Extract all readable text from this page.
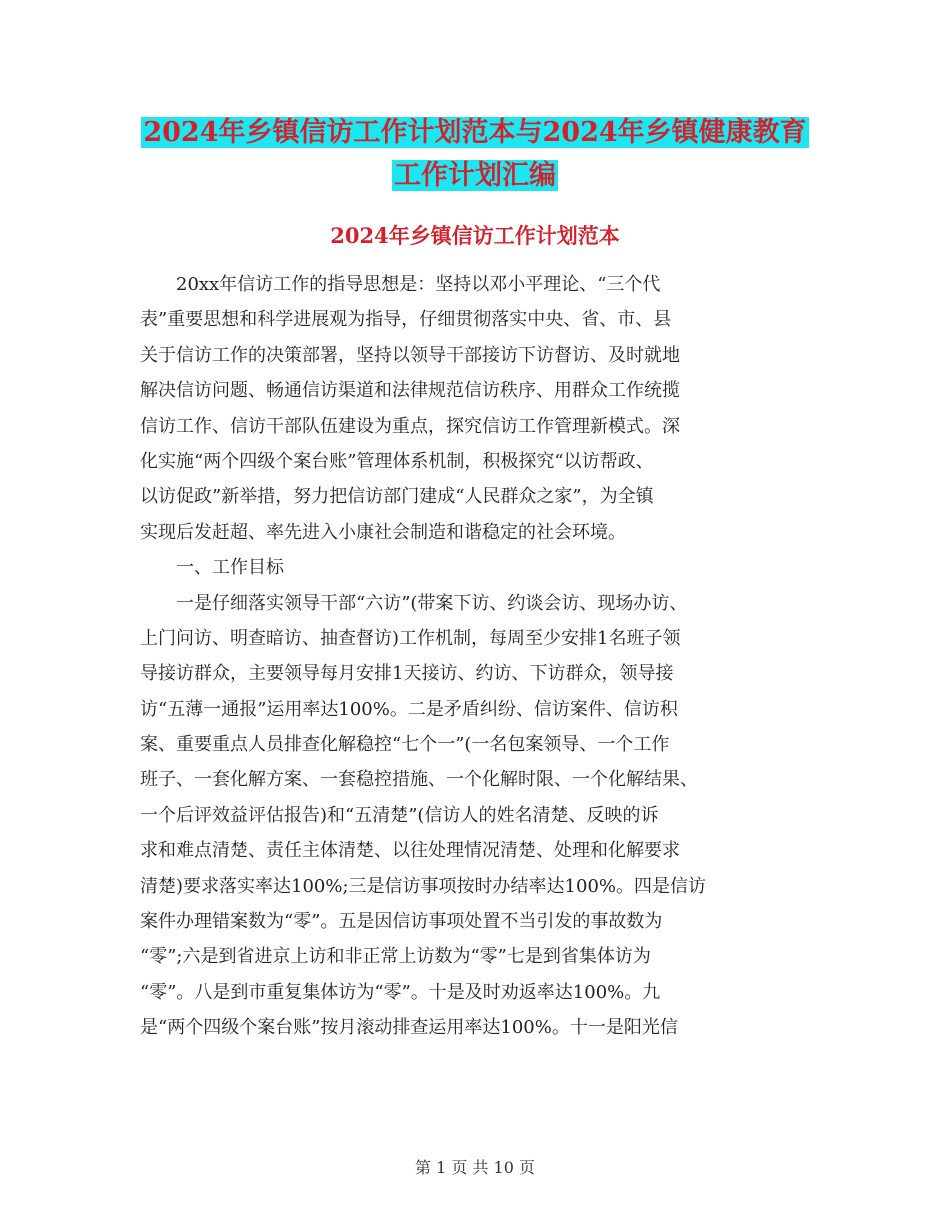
2024年乡镇信访工作计划范本与2024年乡镇健康教育
工作计划汇编
2024年乡镇信访工作计划范本
　　20xx年信访工作的指导思想是：坚持以邓小平理论、“三个代
表”重要思想和科学进展观为指导，仔细贯彻落实中央、省、市、县
关于信访工作的决策部署，坚持以领导干部接访下访督访、及时就地
解决信访问题、畅通信访渠道和法律规范信访秩序、用群众工作统揽
信访工作、信访干部队伍建设为重点，探究信访工作管理新模式。深
化实施“两个四级个案台账”管理体系机制，积极探究“以访帮政、
以访促政”新举措，努力把信访部门建成“人民群众之家”，为全镇
实现后发赶超、率先进入小康社会制造和谐稳定的社会环境。
　　一、工作目标
　　一是仔细落实领导干部“六访”(带案下访、约谈会访、现场办访、
上门问访、明查暗访、抽查督访)工作机制，每周至少安排1名班子领
导接访群众，主要领导每月安排1天接访、约访、下访群众，领导接
访“五薄一通报”运用率达100%。二是矛盾纠纷、信访案件、信访积
案、重要重点人员排查化解稳控“七个一”(一名包案领导、一个工作
班子、一套化解方案、一套稳控措施、一个化解时限、一个化解结果、
一个后评效益评估报告)和“五清楚”(信访人的姓名清楚、反映的诉
求和难点清楚、责任主体清楚、以往处理情况清楚、处理和化解要求
清楚)要求落实率达100%;三是信访事项按时办结率达100%。四是信访
案件办理错案数为“零”。五是因信访事项处置不当引发的事故数为
“零”;六是到省进京上访和非正常上访数为“零”七是到省集体访为
“零”。八是到市重复集体访为“零”。十是及时劝返率达100%。九
是“两个四级个案台账”按月滚动排查运用率达100%。十一是阳光信
第 1 页 共 10 页
